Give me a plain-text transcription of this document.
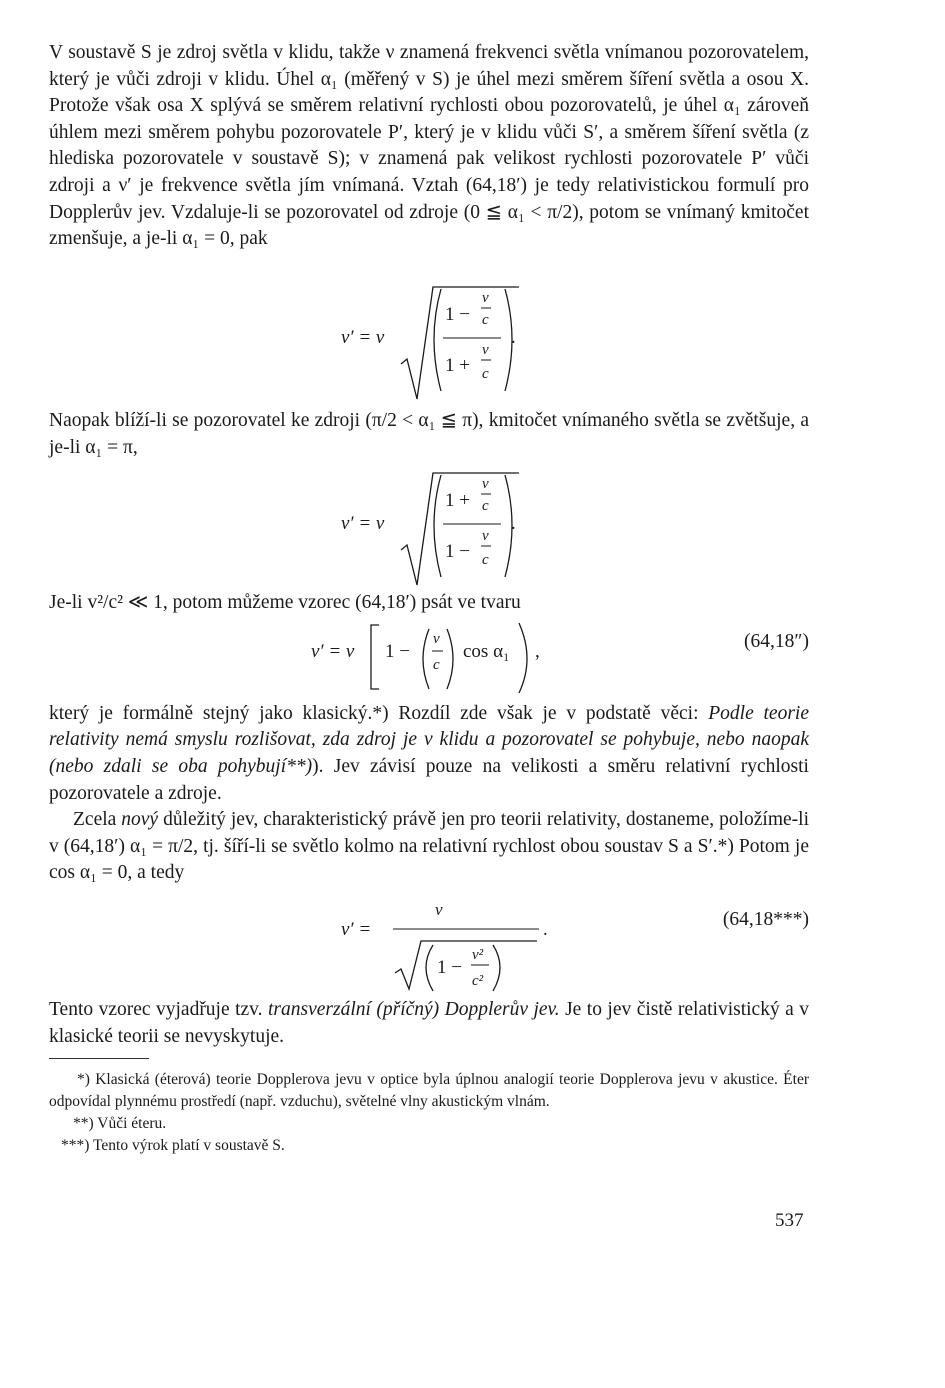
V soustavě S je zdroj světla v klidu, takže ν znamená frekvenci světla vnímanou pozorovatelem, který je vůči zdroji v klidu. Úhel α₁ (měřený v S) je úhel mezi směrem šíření světla a osou X. Protože však osa X splývá se směrem relativní rychlosti obou pozorovatelů, je úhel α₁ zároveň úhlem mezi směrem pohybu pozorovatele P′, který je v klidu vůči S′, a směrem šíření světla (z hlediska pozorovatele v soustavě S); v znamená pak velikost rychlosti pozorovatele P′ vůči zdroji a ν′ je frekvence světla jím vnímaná. Vztah (64,18′) je tedy relativistickou formulí pro Dopplerův jev. Vzdaluje-li se pozorovatel od zdroje (0 ≦ α₁ < π/2), potom se vnímaný kmitočet zmenšuje, a je-li α₁ = 0, pak

ν′ = ν
1 −
v
c
1 +
v
c
.

Naopak blíží-li se pozorovatel ke zdroji (π/2 < α₁ ≦ π), kmitočet vnímaného světla se zvětšuje, a je-li α₁ = π,

ν′ = ν
1 +
v
c
1 −
v
c
.

Je-li v²/c² ≪ 1, potom můžeme vzorec (64,18′) psát ve tvaru

ν′ = ν 1 −
v
c
cos α₁ ,	(64,18″)

který je formálně stejný jako klasický.*) Rozdíl zde však je v podstatě věci: Podle teorie relativity nemá smyslu rozlišovat, zda zdroj je v klidu a pozorovatel se pohybuje, nebo naopak (nebo zdali se oba pohybují**)). Jev závisí pouze na velikosti a směru relativní rychlosti pozorovatele a zdroje.

Zcela nový důležitý jev, charakteristický právě jen pro teorii relativity, dostaneme, položíme-li v (64,18′) α₁ = π/2, tj. šíří-li se světlo kolmo na relativní rychlost obou soustav S a S′.*) Potom je cos α₁ = 0, a tedy

ν′ =
ν
1 −
v²
c²
.	(64,18***)

Tento vzorec vyjadřuje tzv. transverzální (příčný) Dopplerův jev. Je to jev čistě relativistický a v klasické teorii se nevyskytuje.

*) Klasická (éterová) teorie Dopplerova jevu v optice byla úplnou analogií teorie Dopplerova jevu v akustice. Éter odpovídal plynnému prostředí (např. vzduchu), světelné vlny akustickým vlnám.

**) Vůči éteru.

***) Tento výrok platí v soustavě S.

537
